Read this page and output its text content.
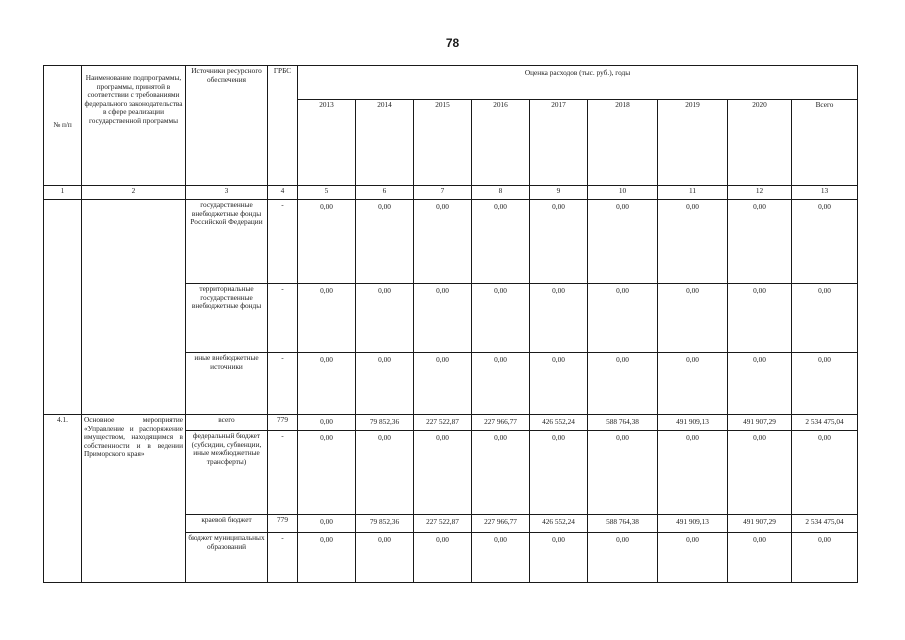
78
№ п/п	Наименование подпрограммы, программы, принятой в соответствии с требованиями федерального законодательства в сфере реализации государственной программы	Источники ресурсного обеспечения	ГРБС	Оценка расходов (тыс. руб.), годы								
				2013	2014	2015	2016	2017	2018	2019	2020	Всего
1	2	3	4	5	6	7	8	9	10	11	12	13
		государственные внебюджетные фонды Российской Федерации	-	0,00	0,00	0,00	0,00	0,00	0,00	0,00	0,00	0,00
		территориальные государственные внебюджетные фонды	-	0,00	0,00	0,00	0,00	0,00	0,00	0,00	0,00	0,00
		иные внебюджетные источники	-	0,00	0,00	0,00	0,00	0,00	0,00	0,00	0,00	0,00
4.1.	Основное мероприятие «Управление и распоряжение имуществом, находящимся в собственности и в ведении Приморского края»	всего	779	0,00	79 852,36	227 522,87	227 966,77	426 552,24	588 764,38	491 909,13	491 907,29	2 534 475,04
		федеральный бюджет (субсидии, субвенции, иные межбюджетные трансферты)	-	0,00	0,00	0,00	0,00	0,00	0,00	0,00	0,00	0,00
		краевой бюджет	779	0,00	79 852,36	227 522,87	227 966,77	426 552,24	588 764,38	491 909,13	491 907,29	2 534 475,04
		бюджет муниципальных образований	-	0,00	0,00	0,00	0,00	0,00	0,00	0,00	0,00	0,00
